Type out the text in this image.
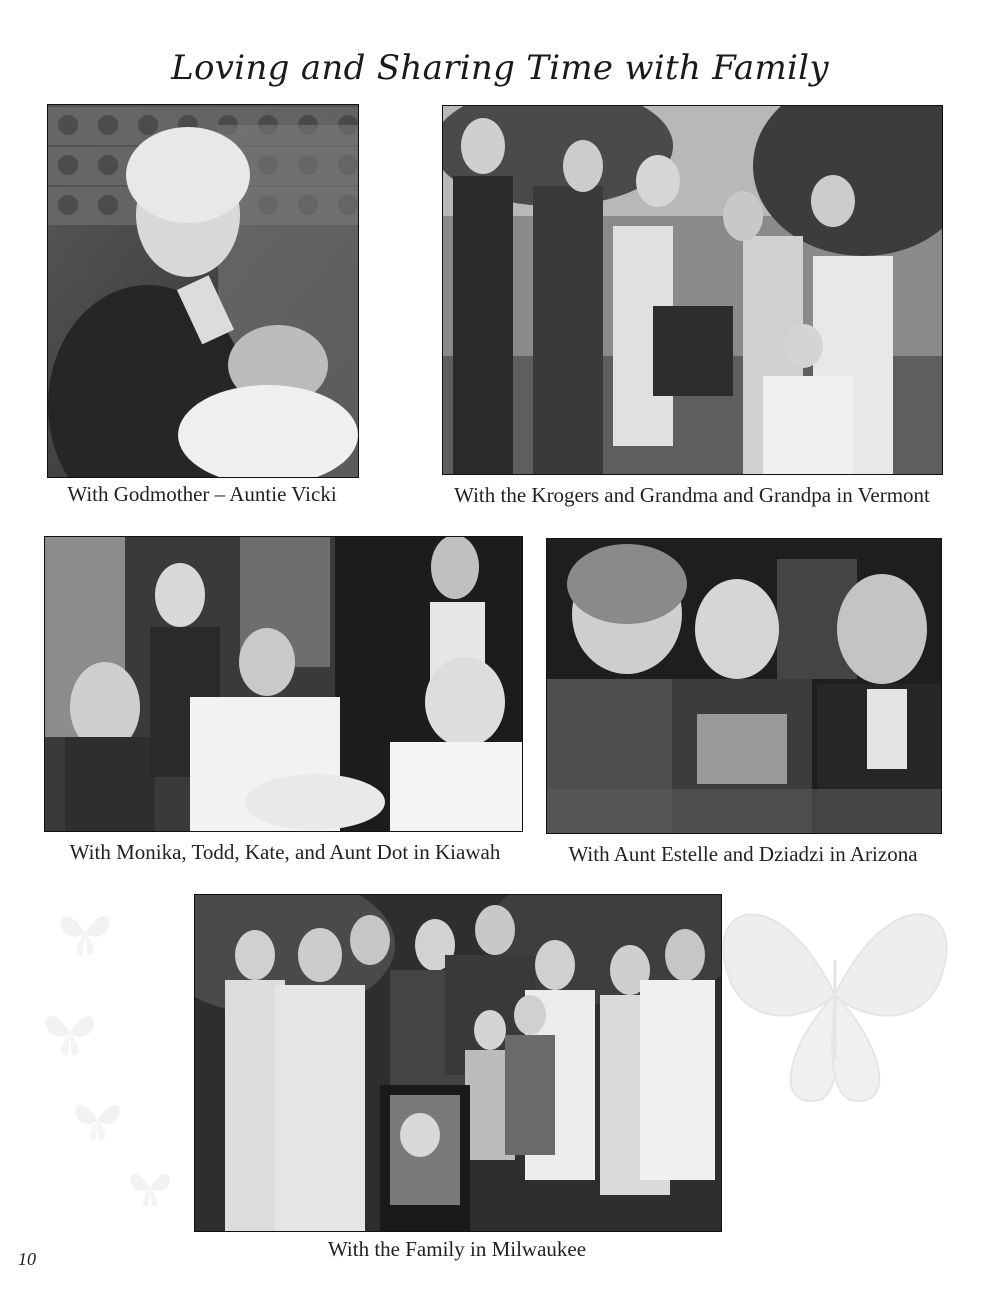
Loving and Sharing Time with Family
With Godmother – Auntie Vicki	With the Krogers and Grandma and Grandpa in Vermont
With Monika, Todd, Kate, and Aunt Dot in Kiawah	With Aunt Estelle and Dziadzi in Arizona
With the Family in Milwaukee
10
